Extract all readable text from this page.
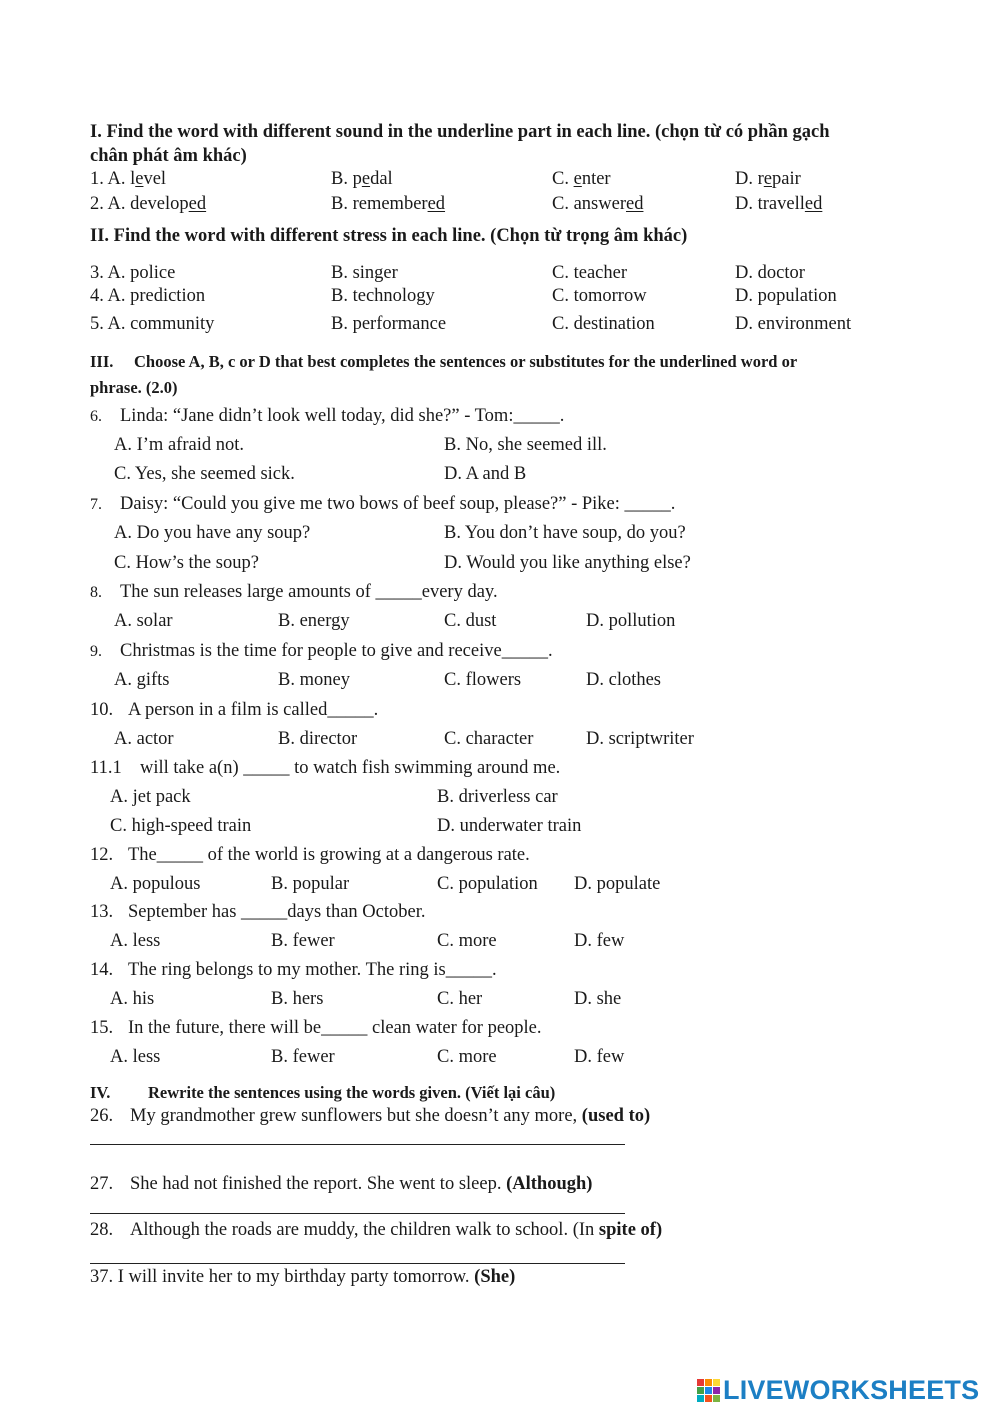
I. Find the word with different sound in the underline part in each line. (chọn từ có phần gạch
chân phát âm khác)
1. A. level	B. pedal	C. enter	D. repair
2. A. developed	B. remembered	C. answered	D. travelled
II. Find the word with different stress in each line. (Chọn từ trọng âm khác)
3. A. police	B. singer	C. teacher	D. doctor
4. A. prediction	B. technology	C. tomorrow	D. population
5. A. community	B. performance	C. destination	D. environment
III. Choose A, B, c or D that best completes the sentences or substitutes for the underlined word or
phrase. (2.0)
6. Linda: “Jane didn’t look well today, did she?” - Tom:_____.
A. I’m afraid not.	B. No, she seemed ill.
C. Yes, she seemed sick.	D. A and B
7. Daisy: “Could you give me two bows of beef soup, please?” - Pike: _____.
A. Do you have any soup?	B. You don’t have soup, do you?
C. How’s the soup?	D. Would you like anything else?
8. The sun releases large amounts of _____every day.
A. solar	B. energy	C. dust	D. pollution
9. Christmas is the time for people to give and receive_____.
A. gifts	B. money	C. flowers	D. clothes
10. A person in a film is called_____.
A. actor	B. director	C. character	D. scriptwriter
11.1 will take a(n) _____ to watch fish swimming around me.
A. jet pack	B. driverless car
C. high-speed train	D. underwater train
12. The_____ of the world is growing at a dangerous rate.
A. populous	B. popular	C. population D. populate
13. September has _____days than October.
A. less	B. fewer	C. more	D. few
14. The ring belongs to my mother. The ring is_____.
A. his	B. hers	C. her	D. she
15. In the future, there will be_____ clean water for people.
A. less	B. fewer	C. more	D. few
IV. Rewrite the sentences using the words given. (Viết lại câu)
26. My grandmother grew sunflowers but she doesn’t any more, (used to)
27. She had not finished the report. She went to sleep. (Although)
28. Although the roads are muddy, the children walk to school. (In spite of)
37. I will invite her to my birthday party tomorrow. (She)
LIVEWORKSHEETS
